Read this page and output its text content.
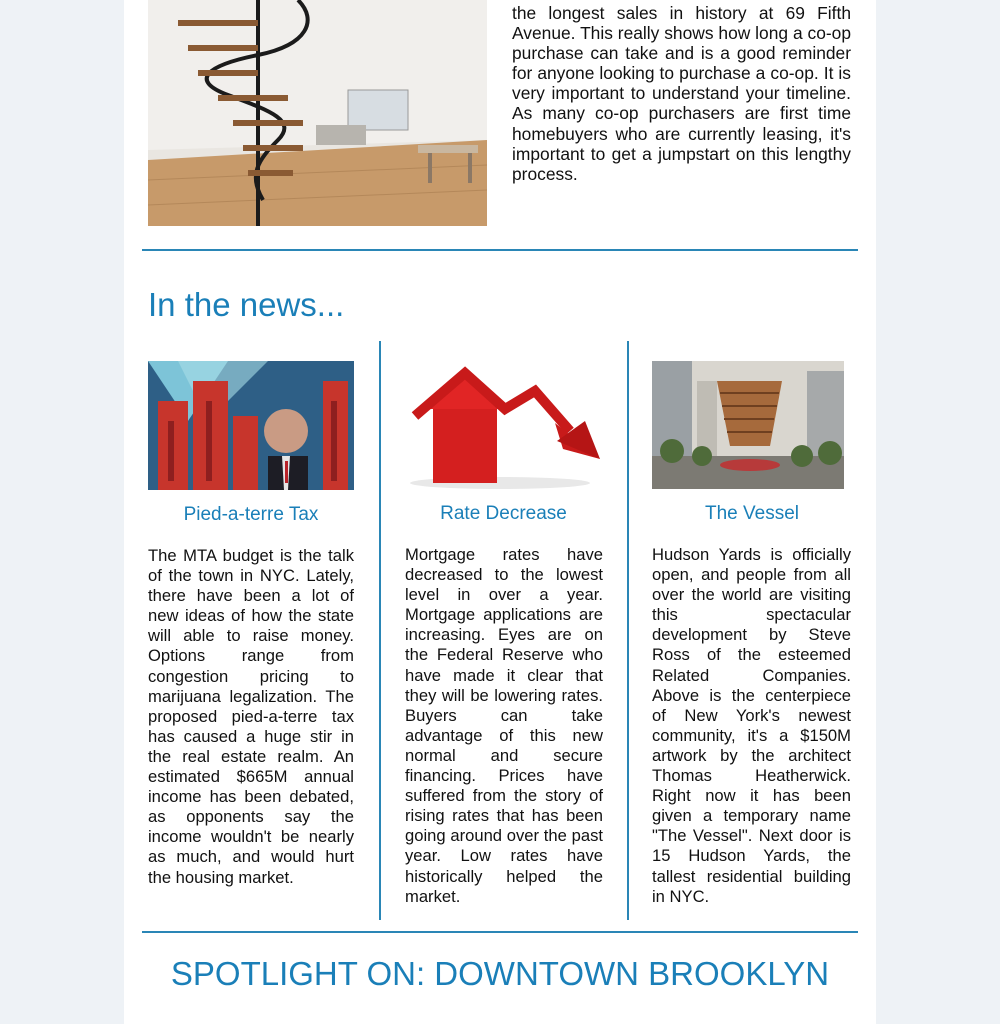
the longest sales in history at 69 Fifth Avenue. This really shows how long a co-op purchase can take and is a good reminder for anyone looking to purchase a co-op. It is very important to understand your timeline. As many co-op purchasers are first time homebuyers who are currently leasing, it's important to get a jumpstart on this lengthy process.
In the news...
Pied-a-terre Tax
The MTA budget is the talk of the town in NYC. Lately, there have been a lot of new ideas of how the state will able to raise money. Options range from congestion pricing to marijuana legalization. The proposed pied-a-terre tax has caused a huge stir in the real estate realm. An estimated $665M annual income has been debated, as opponents say the income wouldn't be nearly as much, and would hurt the housing market.
Rate Decrease
Mortgage rates have decreased to the lowest level in over a year. Mortgage applications are increasing. Eyes are on the Federal Reserve who have made it clear that they will be lowering rates. Buyers can take advantage of this new normal and secure financing. Prices have suffered from the story of rising rates that has been going around over the past year. Low rates have historically helped the market.
The Vessel
Hudson Yards is officially open, and people from all over the world are visiting this spectacular development by Steve Ross of the esteemed Related Companies. Above is the centerpiece of New York's newest community, it's a $150M artwork by the architect Thomas Heatherwick. Right now it has been given a temporary name "The Vessel". Next door is 15 Hudson Yards, the tallest residential building in NYC.
SPOTLIGHT ON: DOWNTOWN BROOKLYN
